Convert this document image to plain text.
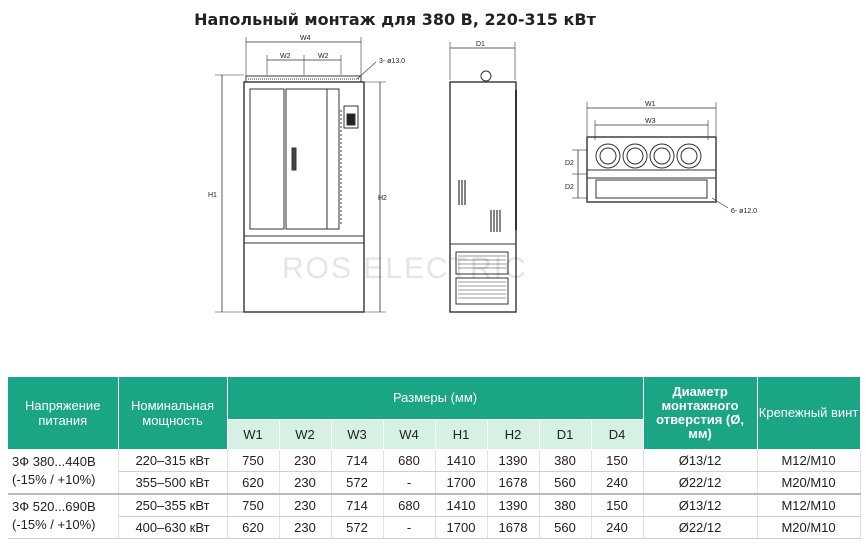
Напольный монтаж для 380 В, 220-315 кВт
W4
W2	W2
3- ø13.0
H1	H2
D1
W1
W3
D2
D2
6- ø12.0
ROS ELECTRIC
Напряжение питания	Номинальная мощность	Размеры (мм)								Диаметр монтажного отверстия (Ø, мм)	Крепежный винт
		W1	W2	W3	W4	H1	H2	D1	D4		

3Ф 380...440В
(-15% / +10%)	220–315 кВт	750	230	714	680	1410	1390	380	150	Ø13/12	M12/M10
	355–500 кВт	620	230	572	-	1700	1678	560	240	Ø22/12	M20/M10

3Ф 520...690В
(-15% / +10%)	250–355 кВт	750	230	714	680	1410	1390	380	150	Ø13/12	M12/M10
	400–630 кВт	620	230	572	-	1700	1678	560	240	Ø22/12	M20/M10
